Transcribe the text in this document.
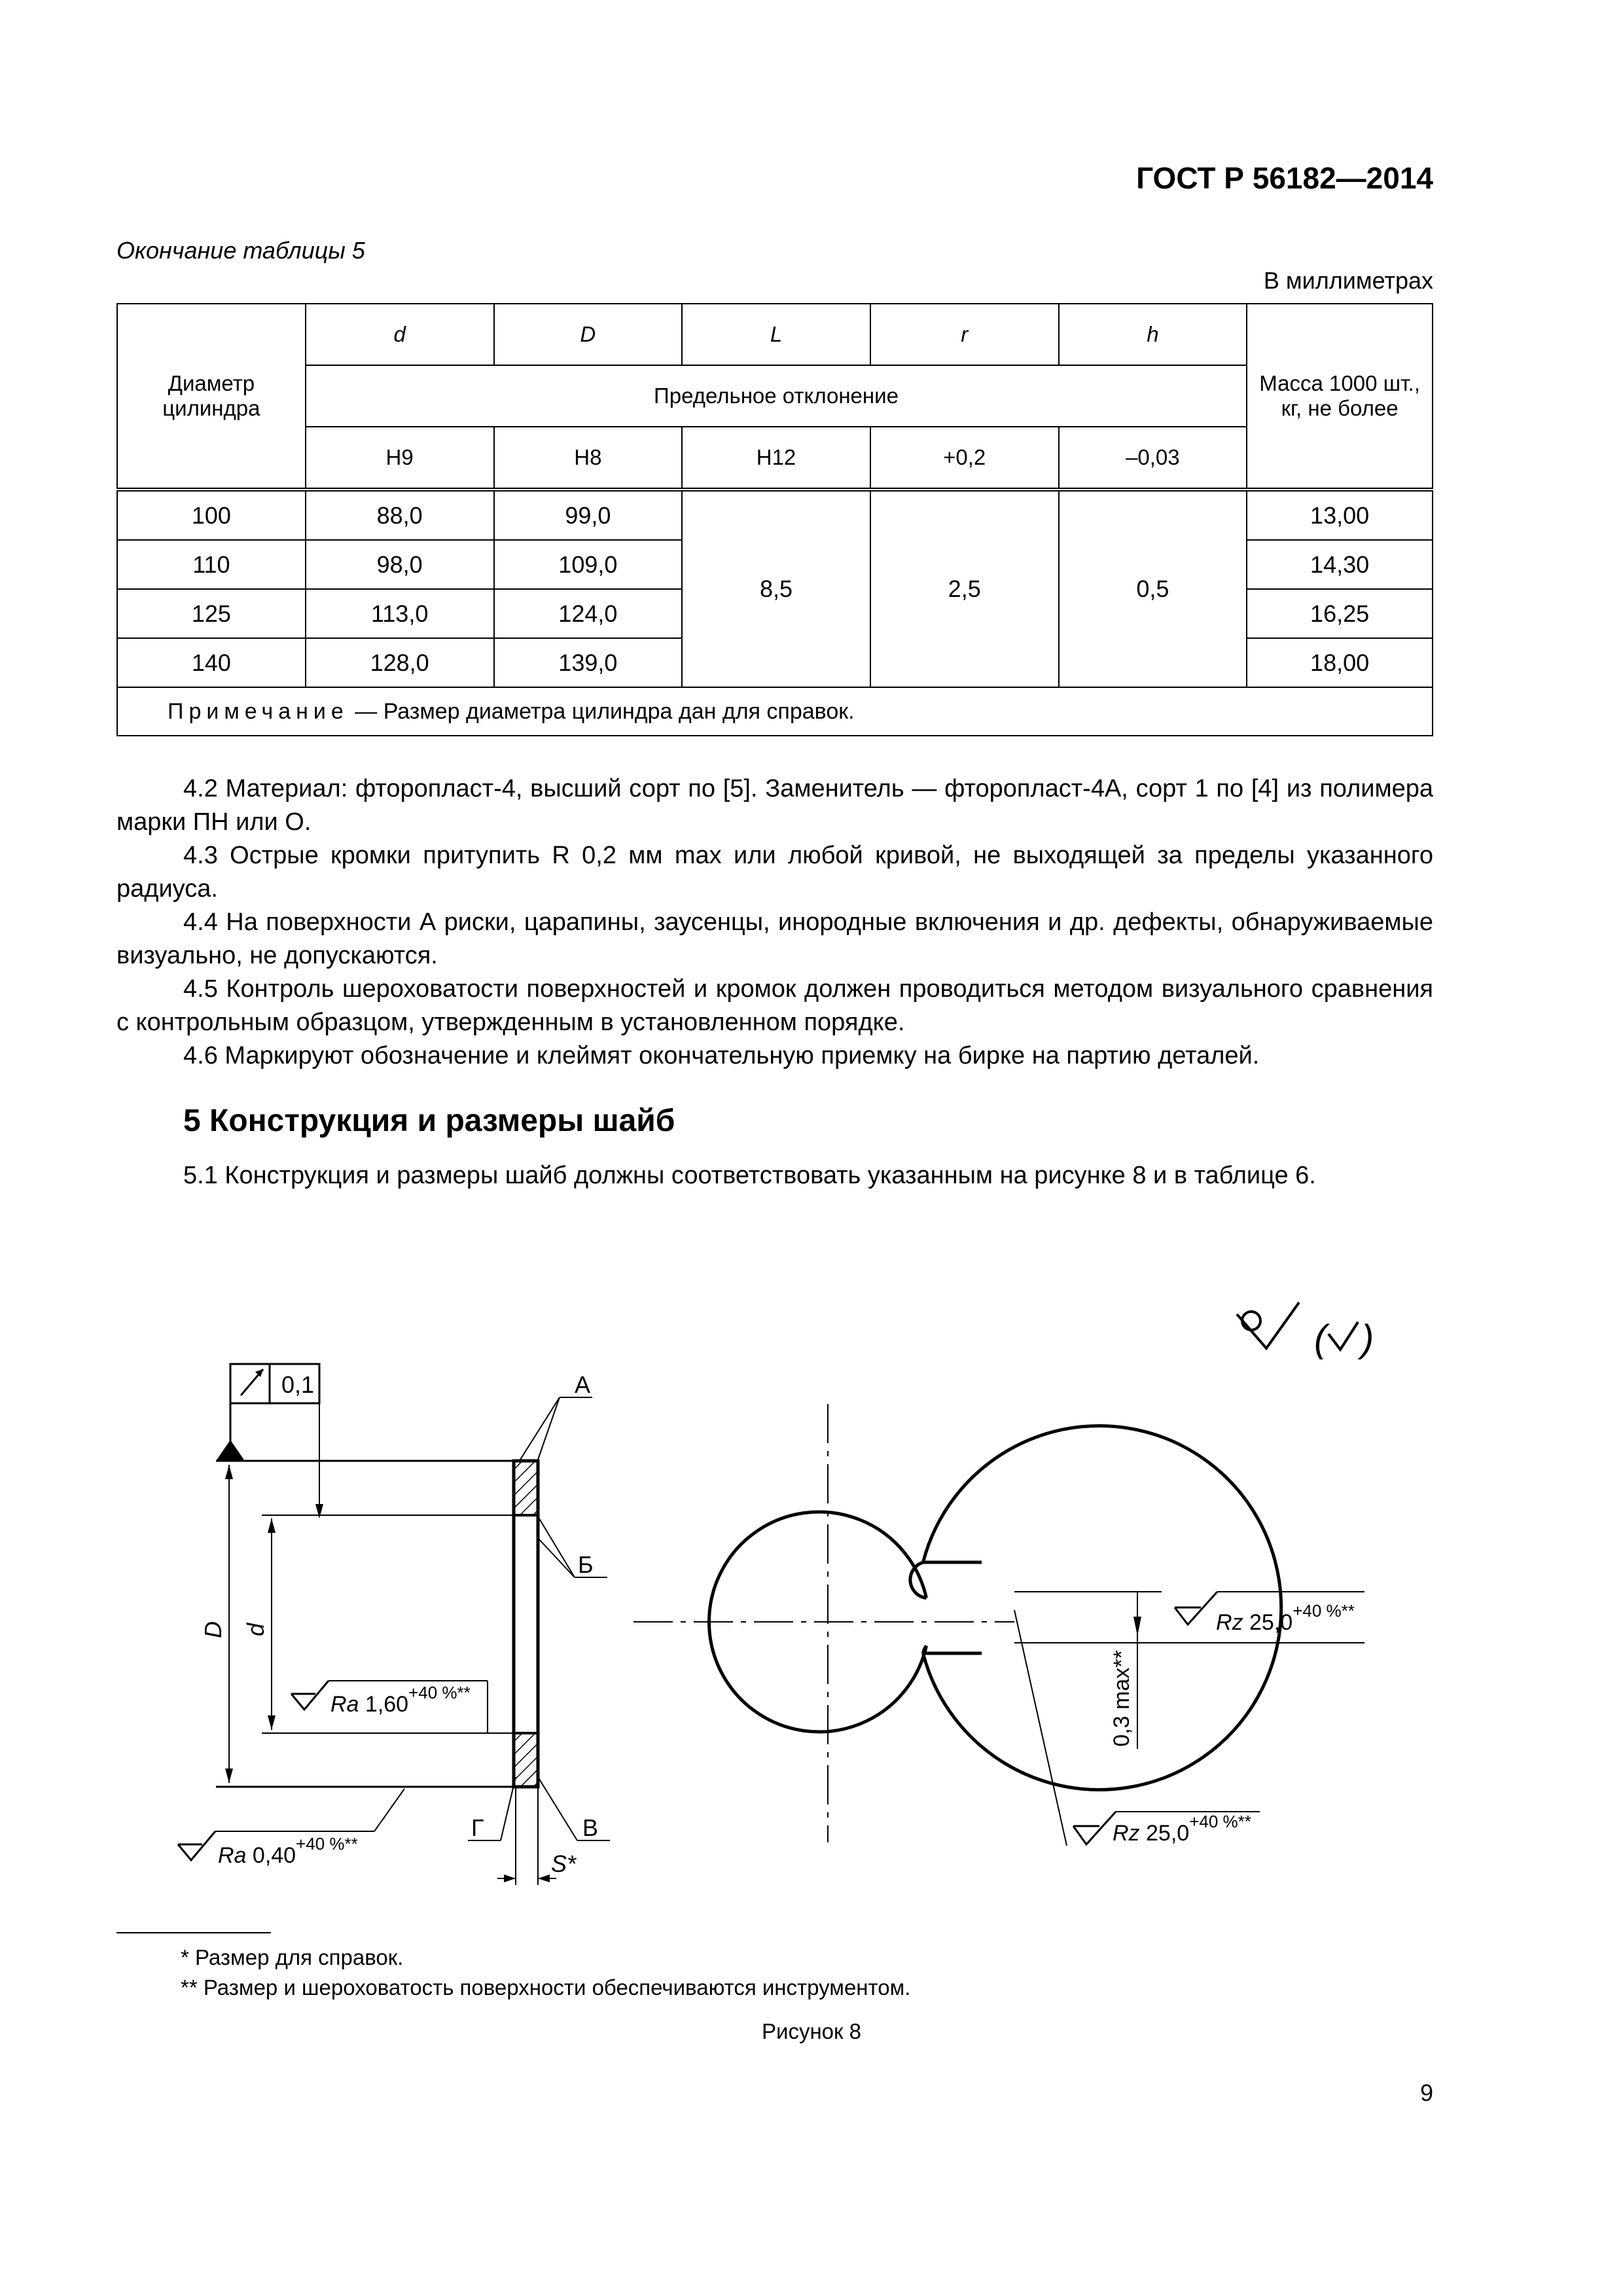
ГОСТ Р 56182—2014
Окончание таблицы 5
В миллиметрах
Диаметр цилиндра	d	D	L	r	h	Масса 1000 шт., кг, не более
	Предельное отклонение					
	H9	H8	H12	+0,2	–0,03	
100	88,0	99,0	8,5	2,5	0,5	13,00
110	98,0	109,0				14,30
125	113,0	124,0				16,25
140	128,0	139,0				18,00
Примечание — Размер диаметра цилиндра дан для справок.						

4.2 Материал: фторопласт-4, высший сорт по [5]. Заменитель — фторопласт-4А, сорт 1 по [4] из полимера марки ПН или О.

4.3 Острые кромки притупить R 0,2 мм max или любой кривой, не выходящей за пределы указанного радиуса.

4.4 На поверхности А риски, царапины, заусенцы, инородные включения и др. дефекты, обнаруживаемые визуально, не допускаются.

4.5 Контроль шероховатости поверхностей и кромок должен проводиться методом визуального сравнения с контрольным образцом, утвержденным в установленном порядке.

4.6 Маркируют обозначение и клеймят окончательную приемку на бирке на партию деталей.

5 Конструкция и размеры шайб
5.1 Конструкция и размеры шайб должны соответствовать указанным на рисунке 8 и в таблице 6.
( )
0,1
D d
S*
А
Б
В
Г
Ra $1,60^{+40 \%**}$
Ra $0,40^{+40 \%**}$
0,3 max**
Rz $25,0^{+40 \%**}$
Rz $25,0^{+40 \%**}$
* Размер для справок.
** Размер и шероховатость поверхности обеспечиваются инструментом.
Рисунок 8
9
